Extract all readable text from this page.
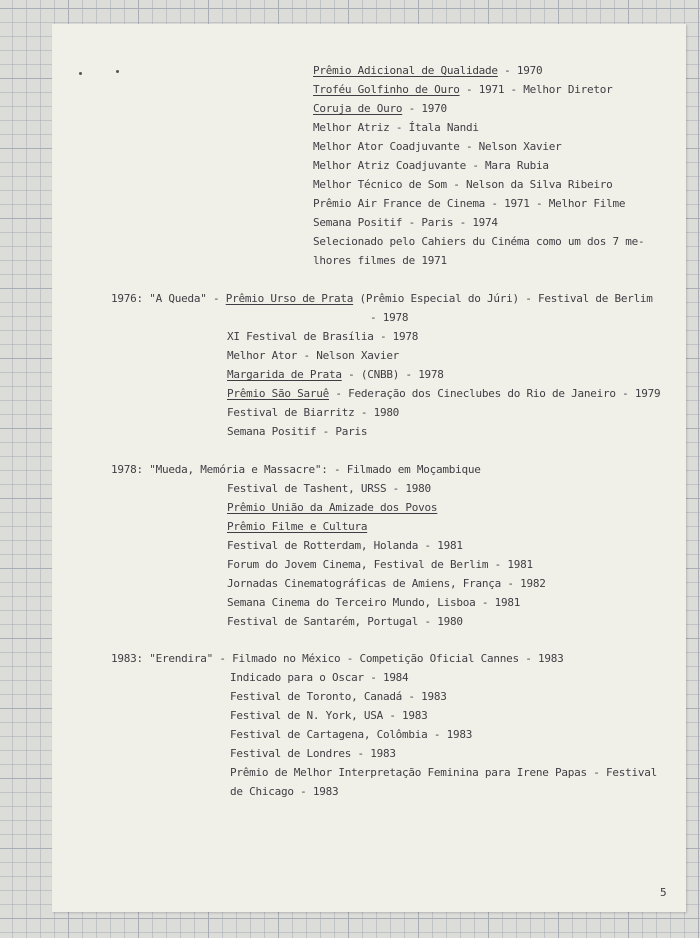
Prêmio Adicional de Qualidade - 1970
Troféu Golfinho de Ouro - 1971 - Melhor Diretor
Coruja de Ouro - 1970
Melhor Atriz - Ítala Nandi
Melhor Ator Coadjuvante - Nelson Xavier
Melhor Atriz Coadjuvante - Mara Rubia
Melhor Técnico de Som - Nelson da Silva Ribeiro
Prêmio Air France de Cinema - 1971 - Melhor Filme
Semana Positif - Paris - 1974
Selecionado pelo Cahiers du Cinéma como um dos 7 me-
lhores filmes de 1971
1976: "A Queda" - Prêmio Urso de Prata (Prêmio Especial do Júri) - Festival de Berlim
- 1978
XI Festival de Brasília - 1978
Melhor Ator - Nelson Xavier
Margarida de Prata - (CNBB) - 1978
Prêmio São Saruê - Federação dos Cineclubes do Rio de Janeiro - 1979
Festival de Biarritz - 1980
Semana Positif - Paris
1978: "Mueda, Memória e Massacre": - Filmado em Moçambique
Festival de Tashent, URSS - 1980
Prêmio União da Amizade dos Povos
Prêmio Filme e Cultura
Festival de Rotterdam, Holanda - 1981
Forum do Jovem Cinema, Festival de Berlim - 1981
Jornadas Cinematográficas de Amiens, França - 1982
Semana Cinema do Terceiro Mundo, Lisboa - 1981
Festival de Santarém, Portugal - 1980
1983: "Erendira" - Filmado no México - Competição Oficial Cannes - 1983
Indicado para o Oscar - 1984
Festival de Toronto, Canadá - 1983
Festival de N. York, USA - 1983
Festival de Cartagena, Colômbia - 1983
Festival de Londres - 1983
Prêmio de Melhor Interpretação Feminina para Irene Papas - Festival
de Chicago - 1983
5
